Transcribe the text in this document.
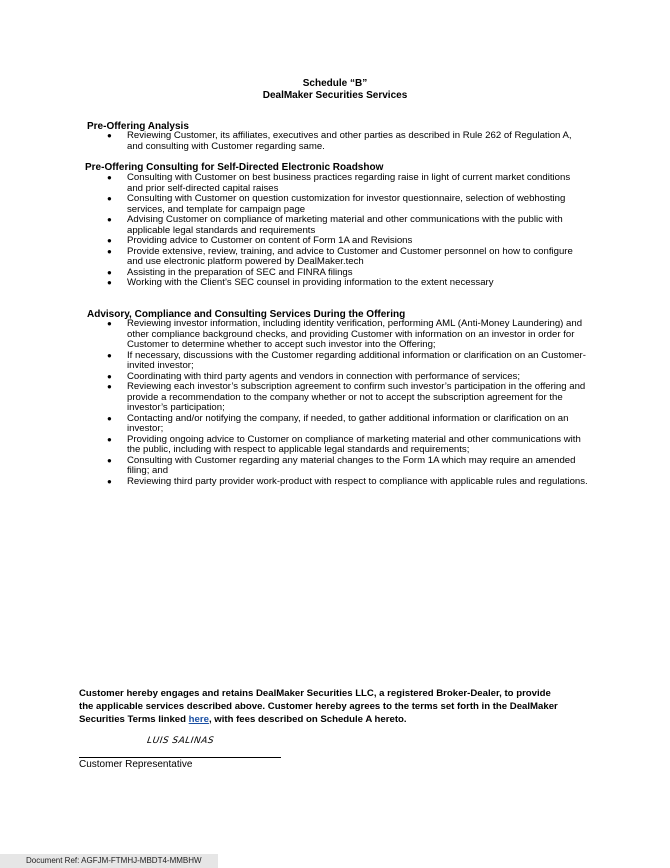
Schedule “B”
DealMaker Securities Services
Pre-Offering Analysis
● Reviewing Customer, its affiliates, executives and other parties as described in Rule 262 of Regulation A, and consulting with Customer regarding same.
Pre-Offering Consulting for Self-Directed Electronic Roadshow
● Consulting with Customer on best business practices regarding raise in light of current market conditions and prior self-directed capital raises
● Consulting with Customer on question customization for investor questionnaire, selection of webhosting services, and template for campaign page
● Advising Customer on compliance of marketing material and other communications with the public with applicable legal standards and requirements
● Providing advice to Customer on content of Form 1A and Revisions
● Provide extensive, review, training, and advice to Customer and Customer personnel on how to configure and use electronic platform powered by DealMaker.tech
● Assisting in the preparation of SEC and FINRA filings
● Working with the Client’s SEC counsel in providing information to the extent necessary
Advisory, Compliance and Consulting Services During the Offering
● Reviewing investor information, including identity verification, performing AML (Anti-Money Laundering) and other compliance background checks, and providing Customer with information on an investor in order for Customer to determine whether to accept such investor into the Offering;
● If necessary, discussions with the Customer regarding additional information or clarification on an Customer-invited investor;
● Coordinating with third party agents and vendors in connection with performance of services;
● Reviewing each investor’s subscription agreement to confirm such investor’s participation in the offering and provide a recommendation to the company whether or not to accept the subscription agreement for the investor’s participation;
● Contacting and/or notifying the company, if needed, to gather additional information or clarification on an investor;
● Providing ongoing advice to Customer on compliance of marketing material and other communications with the public, including with respect to applicable legal standards and requirements;
● Consulting with Customer regarding any material changes to the Form 1A which may require an amended filing; and
● Reviewing third party provider work-product with respect to compliance with applicable rules and regulations.
Customer hereby engages and retains DealMaker Securities LLC, a registered Broker-Dealer, to provide the applicable services described above. Customer hereby agrees to the terms set forth in the DealMaker Securities Terms linked here, with fees described on Schedule A hereto.
LUIS SALINAS
Customer Representative
Document Ref: AGFJM-FTMHJ-MBDT4-MMBHW
